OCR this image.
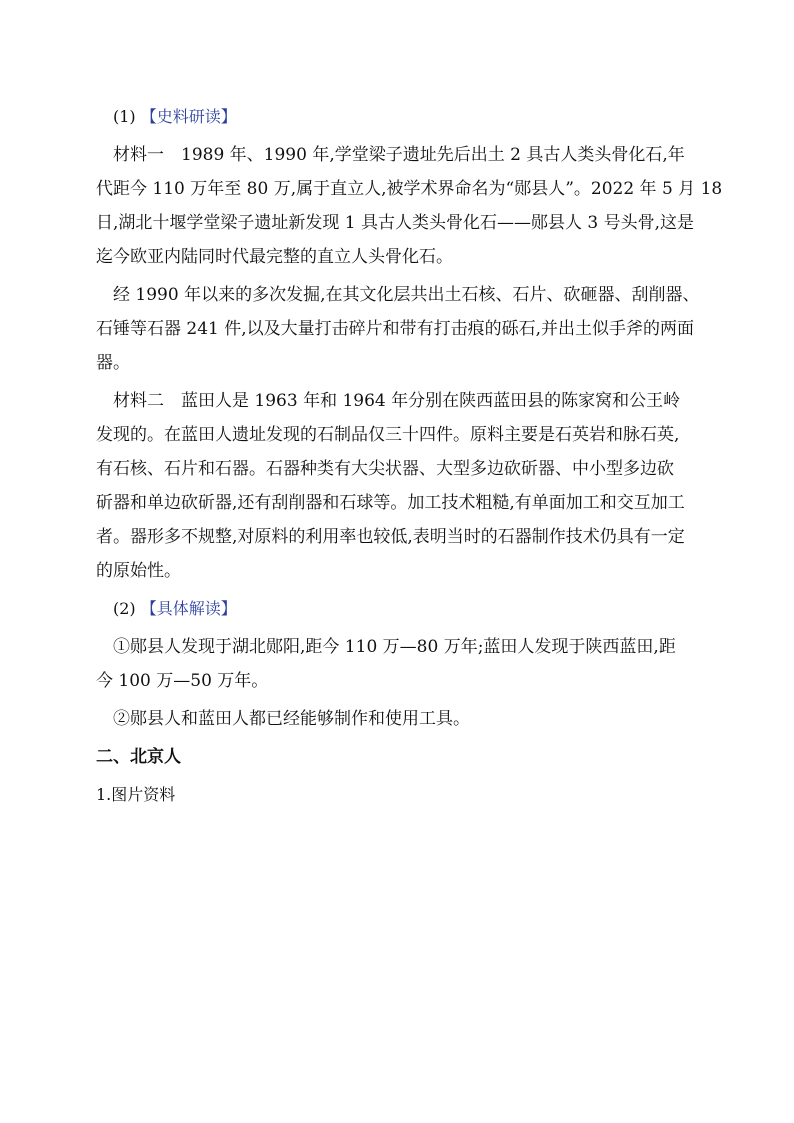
(1) 【史料研读】
材料一　1989 年、1990 年,学堂梁子遗址先后出土 2 具古人类头骨化石,年
代距今 110 万年至 80 万,属于直立人,被学术界命名为“郧县人”。2022 年 5 月 18
日,湖北十堰学堂梁子遗址新发现 1 具古人类头骨化石——郧县人 3 号头骨,这是
迄今欧亚内陆同时代最完整的直立人头骨化石。
经 1990 年以来的多次发掘,在其文化层共出土石核、石片、砍砸器、刮削器、
石锤等石器 241 件,以及大量打击碎片和带有打击痕的砾石,并出土似手斧的两面
器。
材料二　蓝田人是 1963 年和 1964 年分别在陕西蓝田县的陈家窝和公王岭
发现的。在蓝田人遗址发现的石制品仅三十四件。原料主要是石英岩和脉石英,
有石核、石片和石器。石器种类有大尖状器、大型多边砍斫器、中小型多边砍
斫器和单边砍斫器,还有刮削器和石球等。加工技术粗糙,有单面加工和交互加工
者。器形多不规整,对原料的利用率也较低,表明当时的石器制作技术仍具有一定
的原始性。
(2) 【具体解读】
①郧县人发现于湖北郧阳,距今 110 万—80 万年;蓝田人发现于陕西蓝田,距
今 100 万—50 万年。
②郧县人和蓝田人都已经能够制作和使用工具。
二、北京人
1.图片资料
